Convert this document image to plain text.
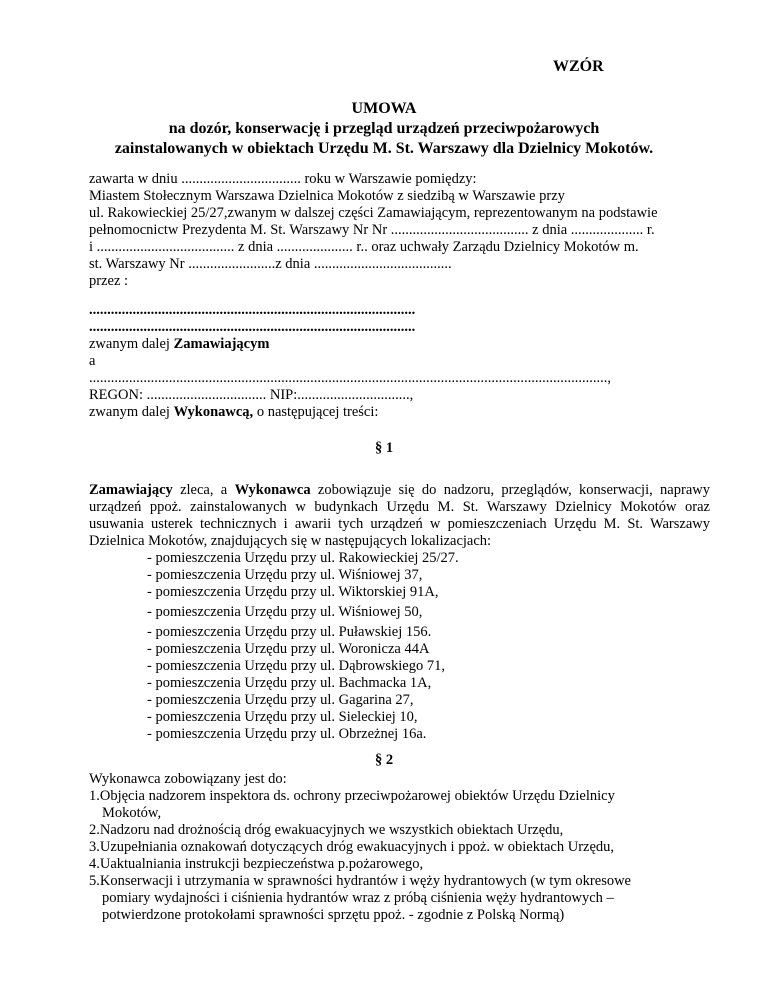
WZÓR
UMOWA
na dozór, konserwację i przegląd urządzeń przeciwpożarowych
zainstalowanych w obiektach Urzędu M. St. Warszawy dla Dzielnicy Mokotów.
zawarta w dniu ................................. roku w Warszawie pomiędzy:
Miastem Stołecznym Warszawa Dzielnica Mokotów z siedzibą w Warszawie przy
ul. Rakowieckiej 25/27,zwanym w dalszej części Zamawiającym, reprezentowanym na podstawie
pełnomocnictw Prezydenta M. St. Warszawy Nr Nr ...................................... z dnia .................... r.
i ...................................... z dnia ..................... r.. oraz uchwały Zarządu Dzielnicy Mokotów m.
st. Warszawy Nr ........................z dnia ......................................
przez :
..........................................................................................
..........................................................................................
zwanym dalej Zamawiającym
a
...............................................................................................................................................,
REGON: ................................. NIP:...............................,
zwanym dalej Wykonawcą, o następującej treści:
§ 1

Zamawiający zleca, a Wykonawca zobowiązuje się do nadzoru, przeglądów, konserwacji, naprawy urządzeń ppoż. zainstalowanych w budynkach Urzędu M. St. Warszawy Dzielnicy Mokotów oraz usuwania usterek technicznych i awarii tych urządzeń w pomieszczeniach Urzędu M. St. Warszawy Dzielnica Mokotów, znajdujących się w następujących lokalizacjach:

- pomieszczenia Urzędu przy ul. Rakowieckiej 25/27.
- pomieszczenia Urzędu przy ul. Wiśniowej 37,
- pomieszczenia Urzędu przy ul. Wiktorskiej 91A,
- pomieszczenia Urzędu przy ul. Wiśniowej 50,
- pomieszczenia Urzędu przy ul. Puławskiej 156.
- pomieszczenia Urzędu przy ul. Woronicza 44A
- pomieszczenia Urzędu przy ul. Dąbrowskiego 71,
- pomieszczenia Urzędu przy ul. Bachmacka 1A,
- pomieszczenia Urzędu przy ul. Gagarina 27,
- pomieszczenia Urzędu przy ul. Sieleckiej 10,
- pomieszczenia Urzędu przy ul. Obrzeżnej 16a.
§ 2
Wykonawca zobowiązany jest do:
1.Objęcia nadzorem inspektora ds. ochrony przeciwpożarowej obiektów Urzędu Dzielnicy
Mokotów,
2.Nadzoru nad drożnością dróg ewakuacyjnych we wszystkich obiektach Urzędu,
3.Uzupełniania oznakowań dotyczących dróg ewakuacyjnych i ppoż. w obiektach Urzędu,
4.Uaktualniania instrukcji bezpieczeństwa p.pożarowego,
5.Konserwacji i utrzymania w sprawności hydrantów i węży hydrantowych (w tym okresowe
pomiary wydajności i ciśnienia hydrantów wraz z próbą ciśnienia węży hydrantowych –
potwierdzone protokołami sprawności sprzętu ppoż. - zgodnie z Polską Normą)
